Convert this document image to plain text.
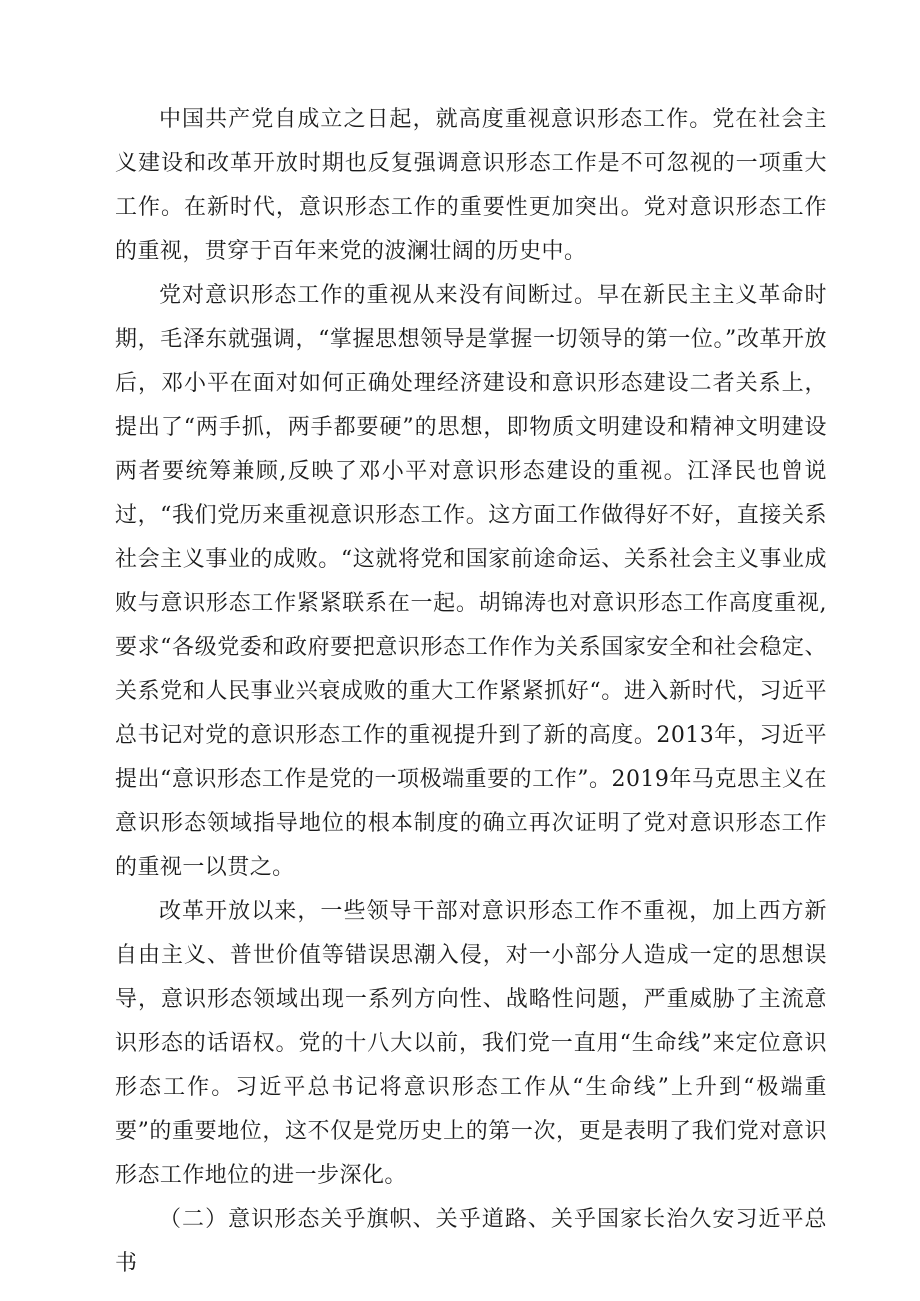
中国共产党自成立之日起，就高度重视意识形态工作。党在社会主义建设和改革开放时期也反复强调意识形态工作是不可忽视的一项重大工作。在新时代，意识形态工作的重要性更加突出。党对意识形态工作的重视，贯穿于百年来党的波澜壮阔的历史中。

党对意识形态工作的重视从来没有间断过。早在新民主主义革命时期，毛泽东就强调，“掌握思想领导是掌握一切领导的第一位。”改革开放后，邓小平在面对如何正确处理经济建设和意识形态建设二者关系上，提出了“两手抓，两手都要硬”的思想，即物质文明建设和精神文明建设两者要统筹兼顾,反映了邓小平对意识形态建设的重视。江泽民也曾说过，“我们党历来重视意识形态工作。这方面工作做得好不好，直接关系社会主义事业的成败。“这就将党和国家前途命运、关系社会主义事业成败与意识形态工作紧紧联系在一起。胡锦涛也对意识形态工作高度重视,要求“各级党委和政府要把意识形态工作作为关系国家安全和社会稳定、关系党和人民事业兴衰成败的重大工作紧紧抓好“。进入新时代，习近平总书记对党的意识形态工作的重视提升到了新的高度。2013年，习近平提出“意识形态工作是党的一项极端重要的工作”。2019年马克思主义在意识形态领域指导地位的根本制度的确立再次证明了党对意识形态工作的重视一以贯之。

改革开放以来，一些领导干部对意识形态工作不重视，加上西方新自由主义、普世价值等错误思潮入侵，对一小部分人造成一定的思想误导，意识形态领域出现一系列方向性、战略性问题，严重威胁了主流意识形态的话语权。党的十八大以前，我们党一直用“生命线”来定位意识形态工作。习近平总书记将意识形态工作从“生命线”上升到“极端重要”的重要地位，这不仅是党历史上的第一次，更是表明了我们党对意识形态工作地位的进一步深化。

（二）意识形态关乎旗帜、关乎道路、关乎国家长治久安习近平总书
